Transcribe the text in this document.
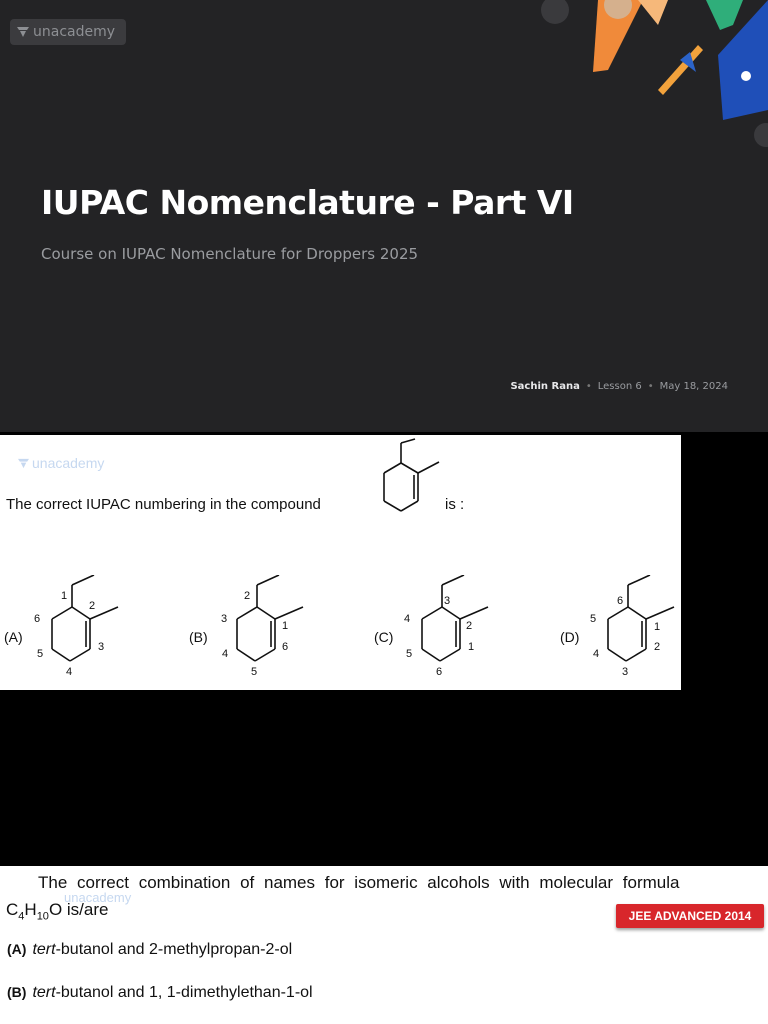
unacademy
IUPAC Nomenclature - Part VI
Course on IUPAC Nomenclature for Droppers 2025
Sachin Rana • Lesson 6 • May 18, 2024
unacademy
The correct IUPAC numbering in the compound	is :
(A)
1
2
3
4
5
6
(B)
1
2
3
4
5
6
(C)
1
2
3
4
5
6
(D)
1
2
3
4
5
6
The correct combination of names for isomeric alcohols with molecular formula
unacademy
$C_4H_{10}O$ is/are	JEE ADVANCED 2014
(A) tert-butanol and 2-methylpropan-2-ol
(B) tert-butanol and 1, 1-dimethylethan-1-ol
